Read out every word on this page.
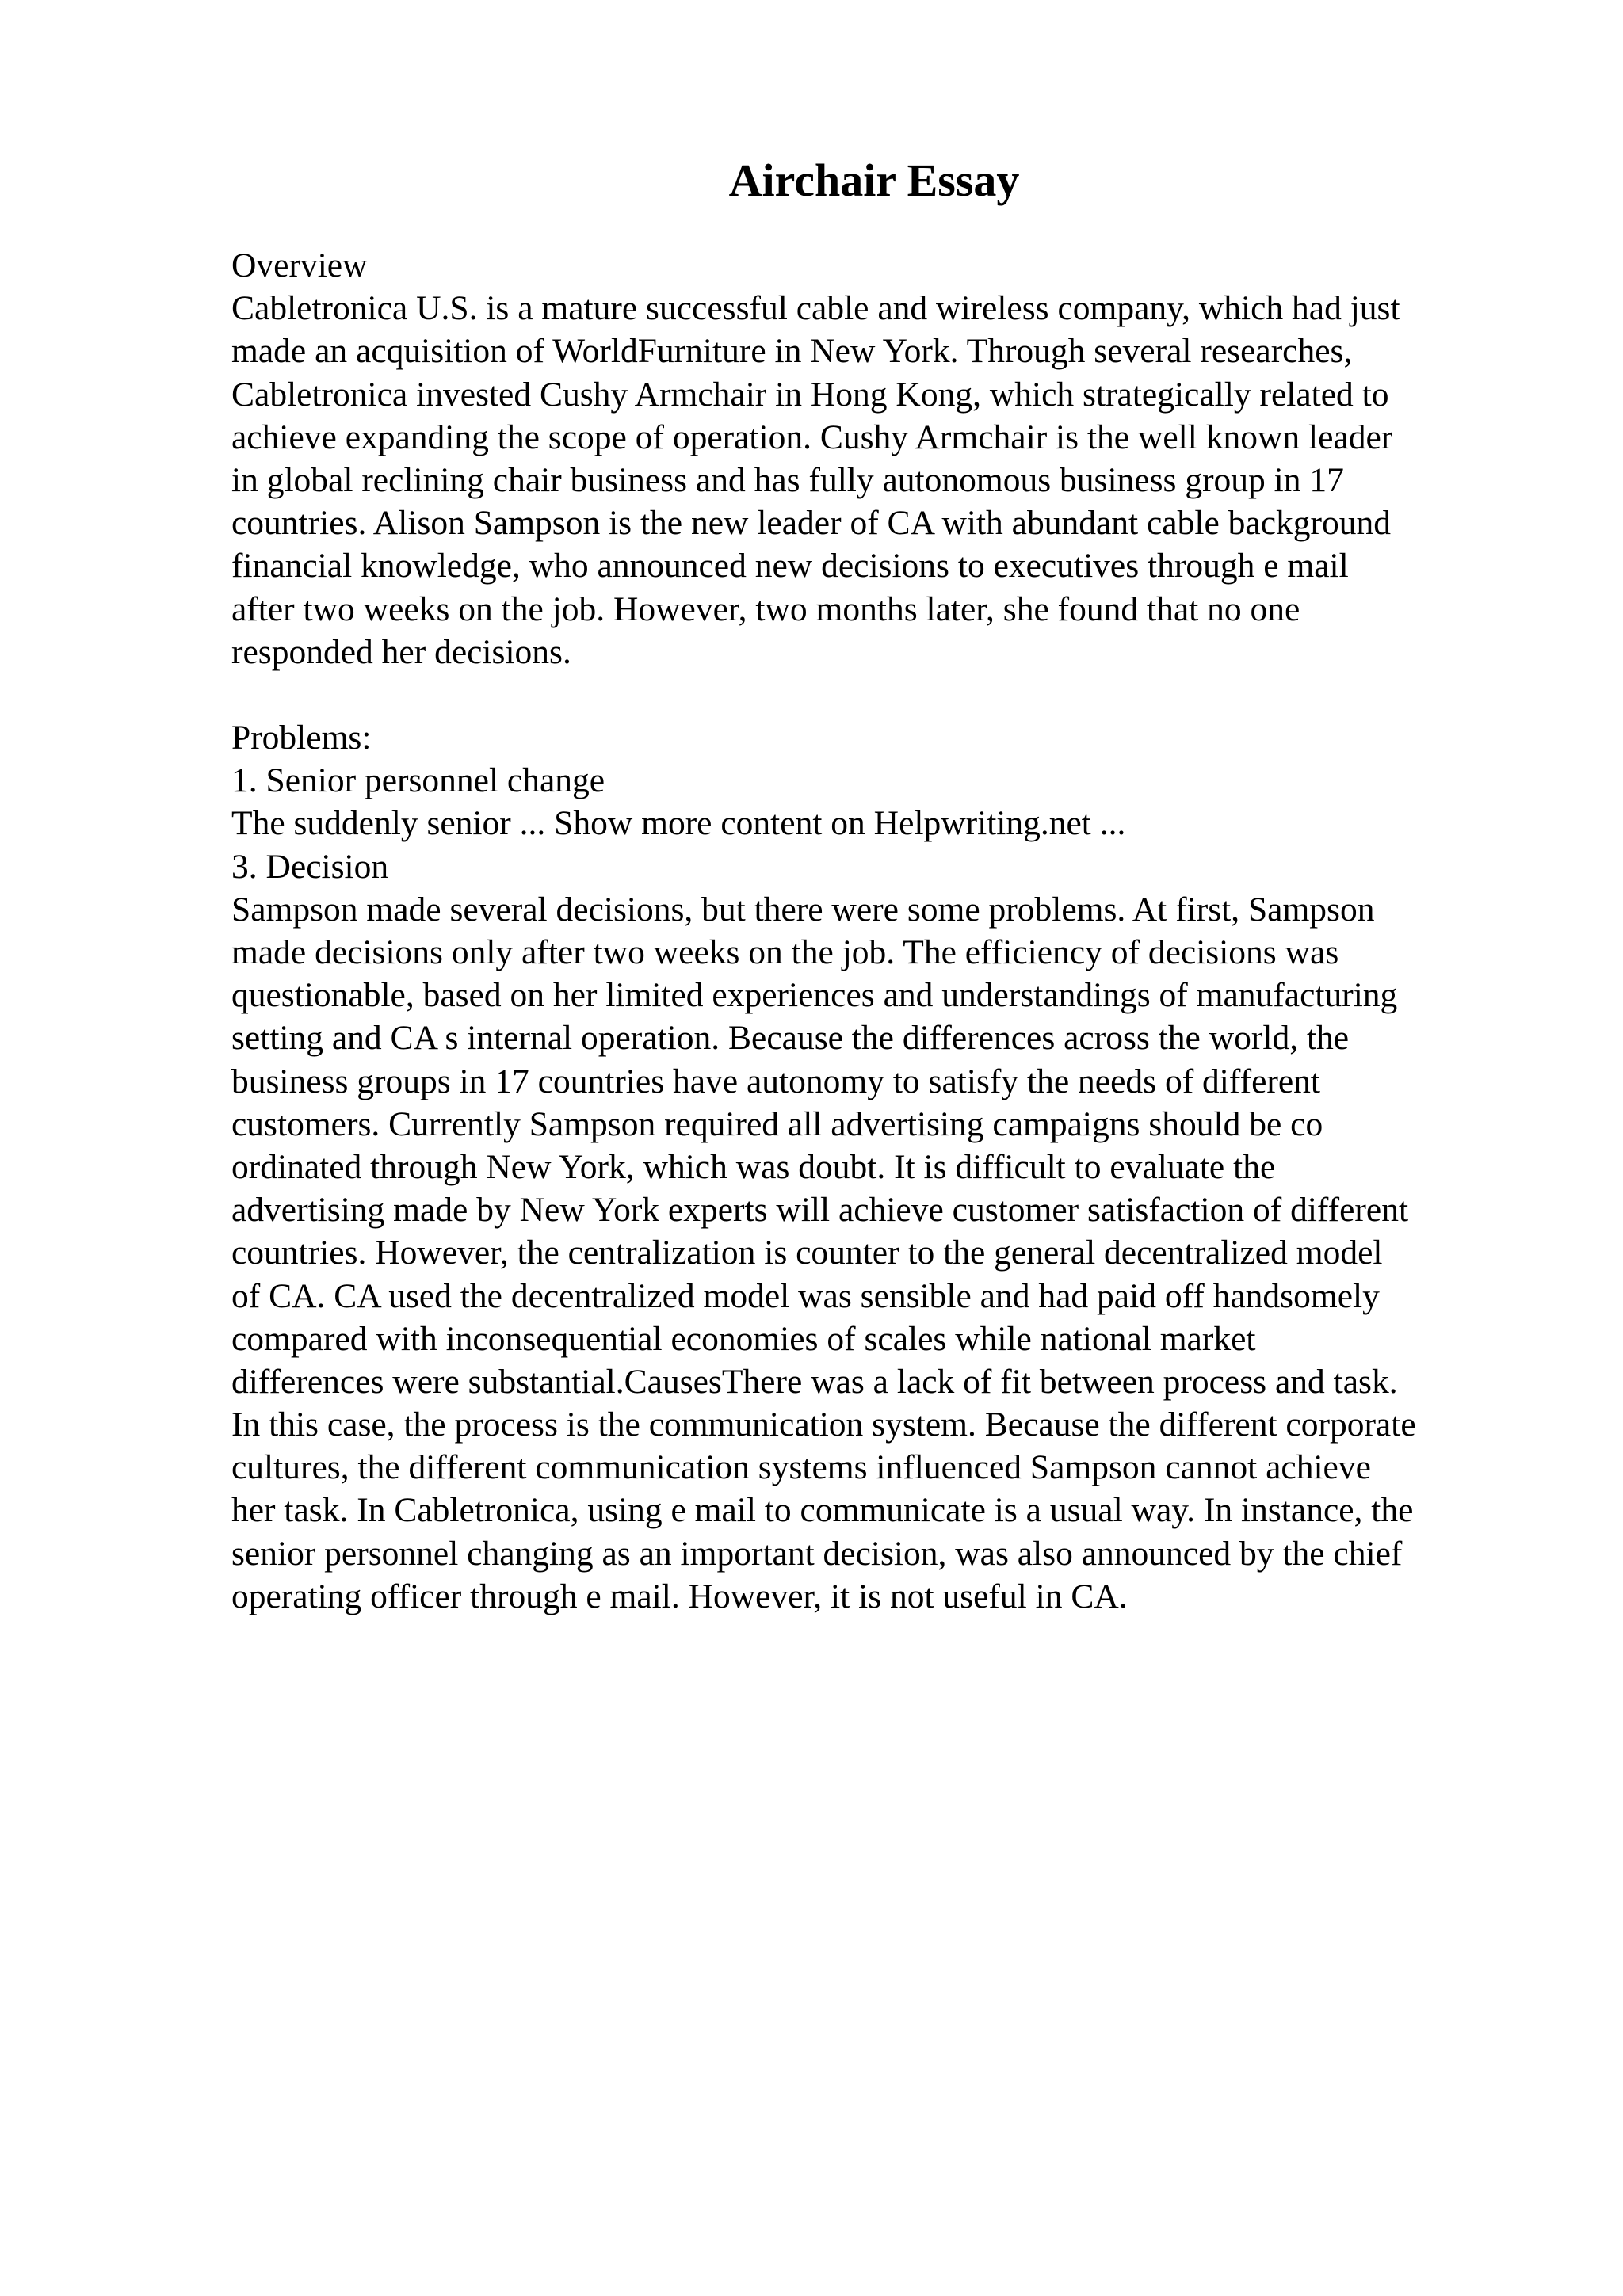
Airchair Essay
Overview
Cabletronica U.S. is a mature successful cable and wireless company, which had just
made an acquisition of WorldFurniture in New York. Through several researches,
Cabletronica invested Cushy Armchair in Hong Kong, which strategically related to
achieve expanding the scope of operation. Cushy Armchair is the well known leader
in global reclining chair business and has fully autonomous business group in 17
countries. Alison Sampson is the new leader of CA with abundant cable background
financial knowledge, who announced new decisions to executives through e mail
after two weeks on the job. However, two months later, she found that no one
responded her decisions.
Problems:
1. Senior personnel change
The suddenly senior ... Show more content on Helpwriting.net ...
3. Decision
Sampson made several decisions, but there were some problems. At first, Sampson
made decisions only after two weeks on the job. The efficiency of decisions was
questionable, based on her limited experiences and understandings of manufacturing
setting and CA s internal operation. Because the differences across the world, the
business groups in 17 countries have autonomy to satisfy the needs of different
customers. Currently Sampson required all advertising campaigns should be co
ordinated through New York, which was doubt. It is difficult to evaluate the
advertising made by New York experts will achieve customer satisfaction of different
countries. However, the centralization is counter to the general decentralized model
of CA. CA used the decentralized model was sensible and had paid off handsomely
compared with inconsequential economies of scales while national market
differences were substantial.CausesThere was a lack of fit between process and task.
In this case, the process is the communication system. Because the different corporate
cultures, the different communication systems influenced Sampson cannot achieve
her task. In Cabletronica, using e mail to communicate is a usual way. In instance, the
senior personnel changing as an important decision, was also announced by the chief
operating officer through e mail. However, it is not useful in CA.
